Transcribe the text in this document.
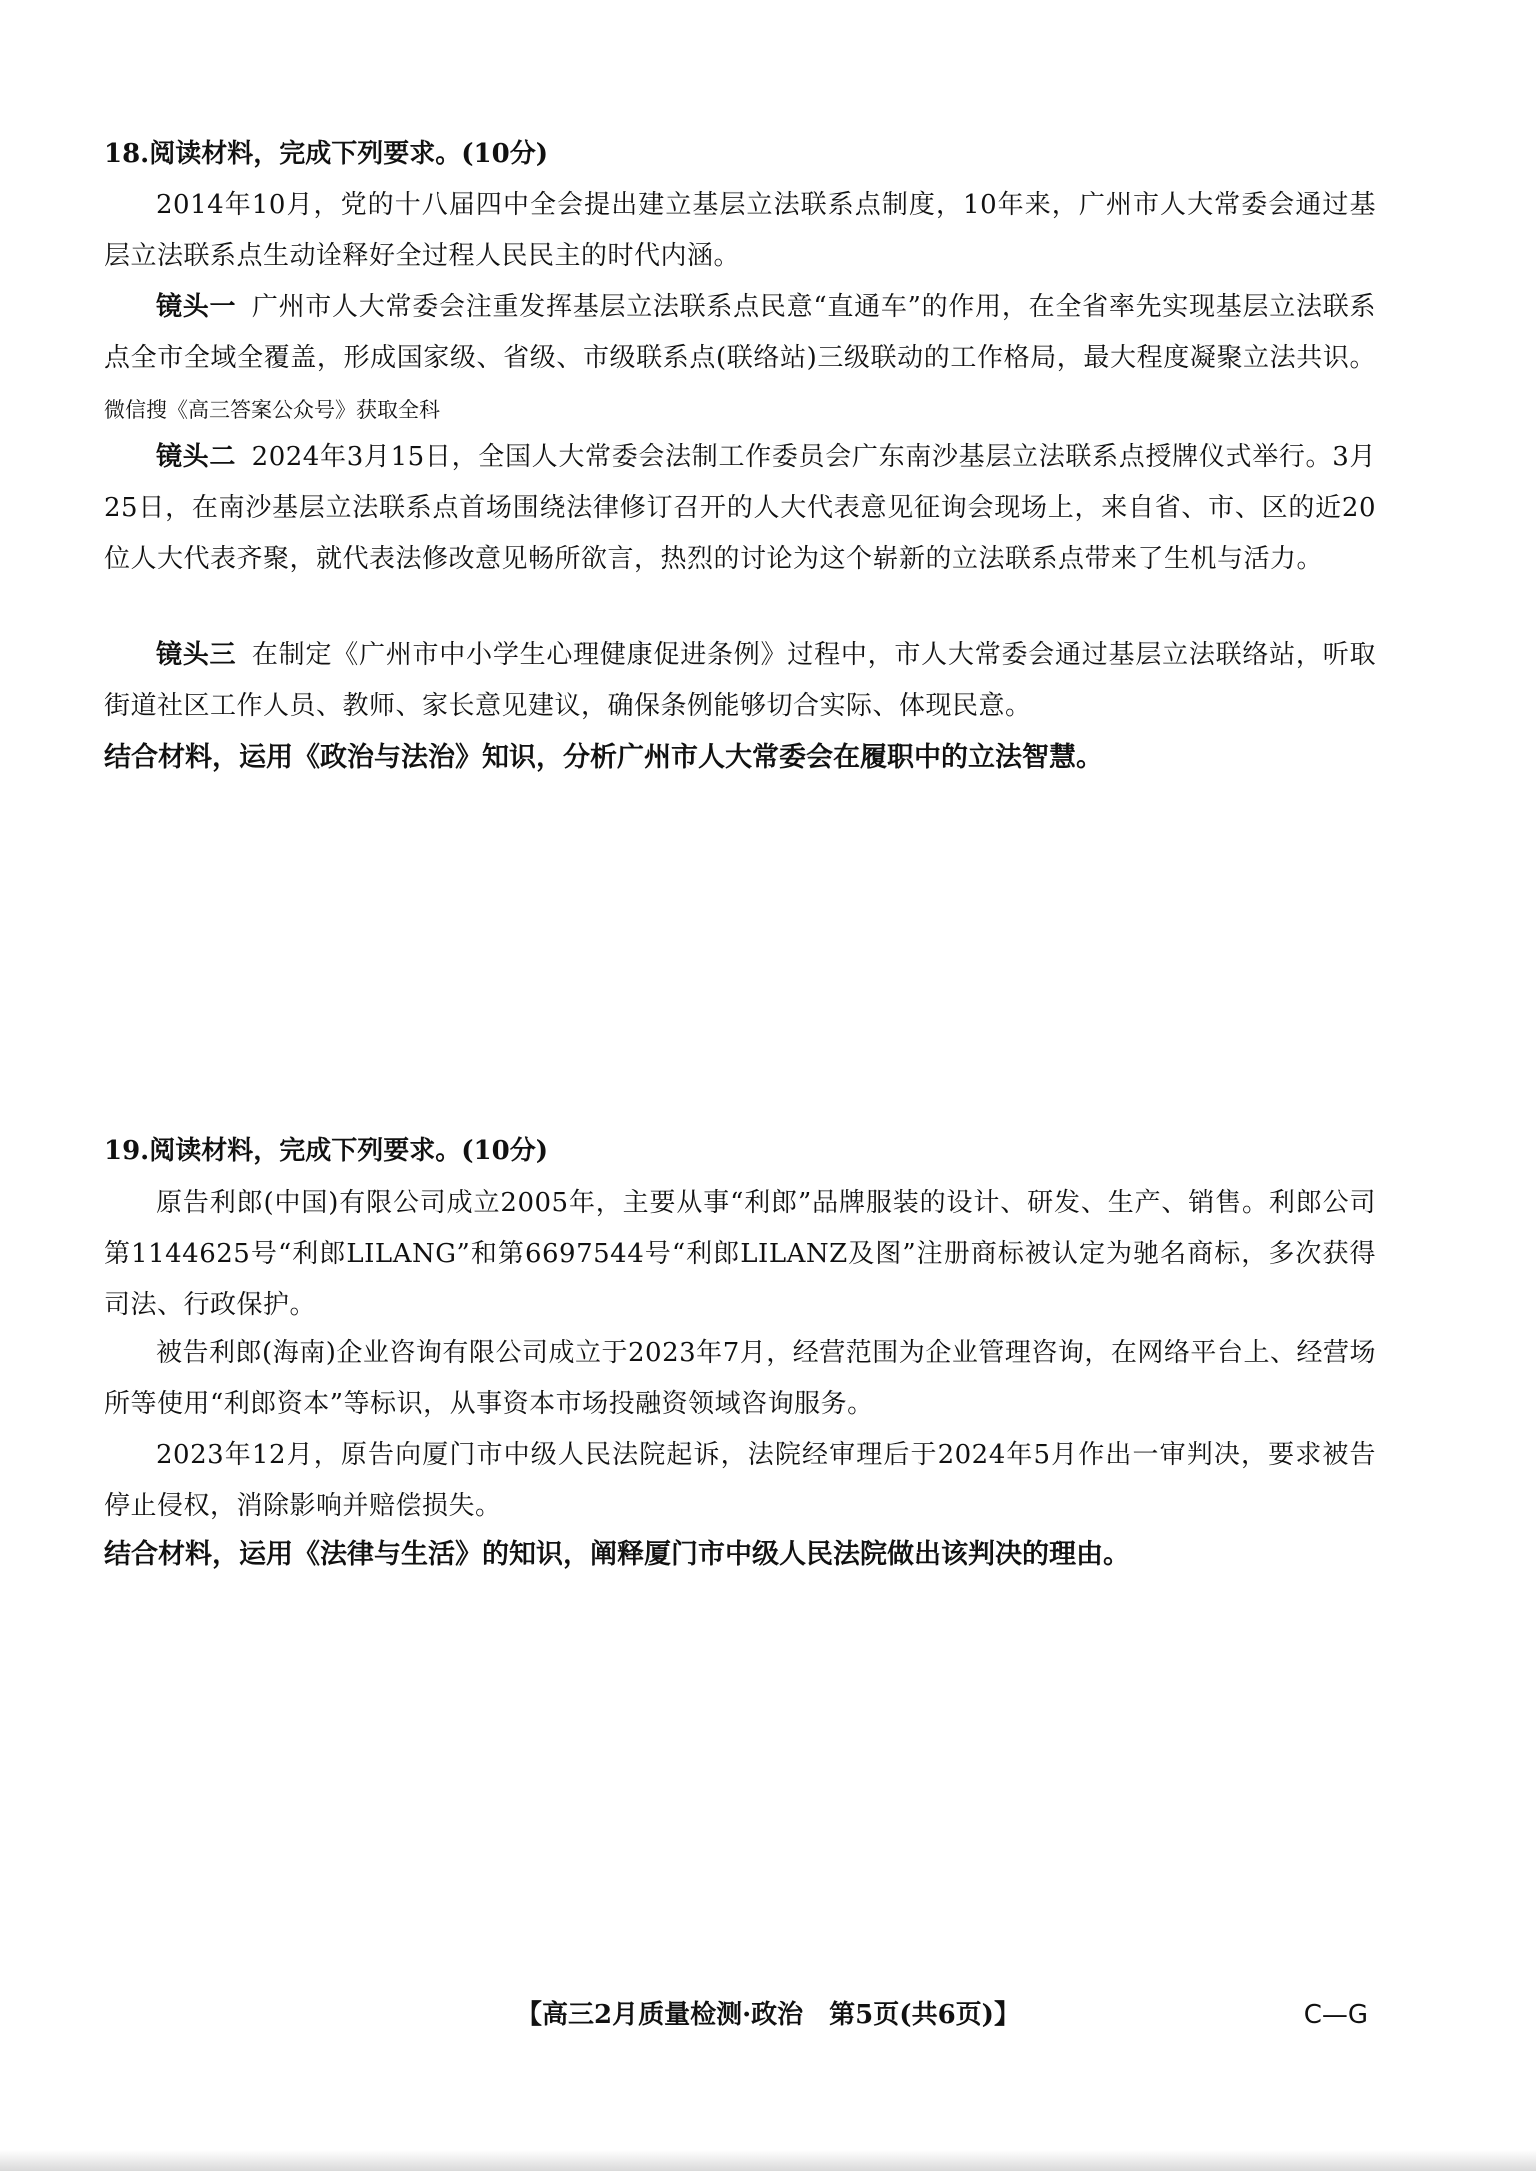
18.阅读材料，完成下列要求。(10分)
2014年10月，党的十八届四中全会提出建立基层立法联系点制度，10年来，广州市人大常委会通过基层立法联系点生动诠释好全过程人民民主的时代内涵。
镜头一 广州市人大常委会注重发挥基层立法联系点民意“直通车”的作用，在全省率先实现基层立法联系点全市全域全覆盖，形成国家级、省级、市级联系点(联络站)三级联动的工作格局，最大程度凝聚立法共识。微信搜《高三答案公众号》获取全科
镜头二 2024年3月15日，全国人大常委会法制工作委员会广东南沙基层立法联系点授牌仪式举行。3月25日，在南沙基层立法联系点首场围绕法律修订召开的人大代表意见征询会现场上，来自省、市、区的近20位人大代表齐聚，就代表法修改意见畅所欲言，热烈的讨论为这个崭新的立法联系点带来了生机与活力。
镜头三 在制定《广州市中小学生心理健康促进条例》过程中，市人大常委会通过基层立法联络站，听取街道社区工作人员、教师、家长意见建议，确保条例能够切合实际、体现民意。
结合材料，运用《政治与法治》知识，分析广州市人大常委会在履职中的立法智慧。
19.阅读材料，完成下列要求。(10分)
原告利郎(中国)有限公司成立2005年，主要从事“利郎”品牌服装的设计、研发、生产、销售。利郎公司第1144625号“利郎LILANG”和第6697544号“利郎LILANZ及图”注册商标被认定为驰名商标，多次获得司法、行政保护。
被告利郎(海南)企业咨询有限公司成立于2023年7月，经营范围为企业管理咨询，在网络平台上、经营场所等使用“利郎资本”等标识，从事资本市场投融资领域咨询服务。
2023年12月，原告向厦门市中级人民法院起诉，法院经审理后于2024年5月作出一审判决，要求被告停止侵权，消除影响并赔偿损失。
结合材料，运用《法律与生活》的知识，阐释厦门市中级人民法院做出该判决的理由。
【高三2月质量检测·政治　第5页(共6页)】	C—G
